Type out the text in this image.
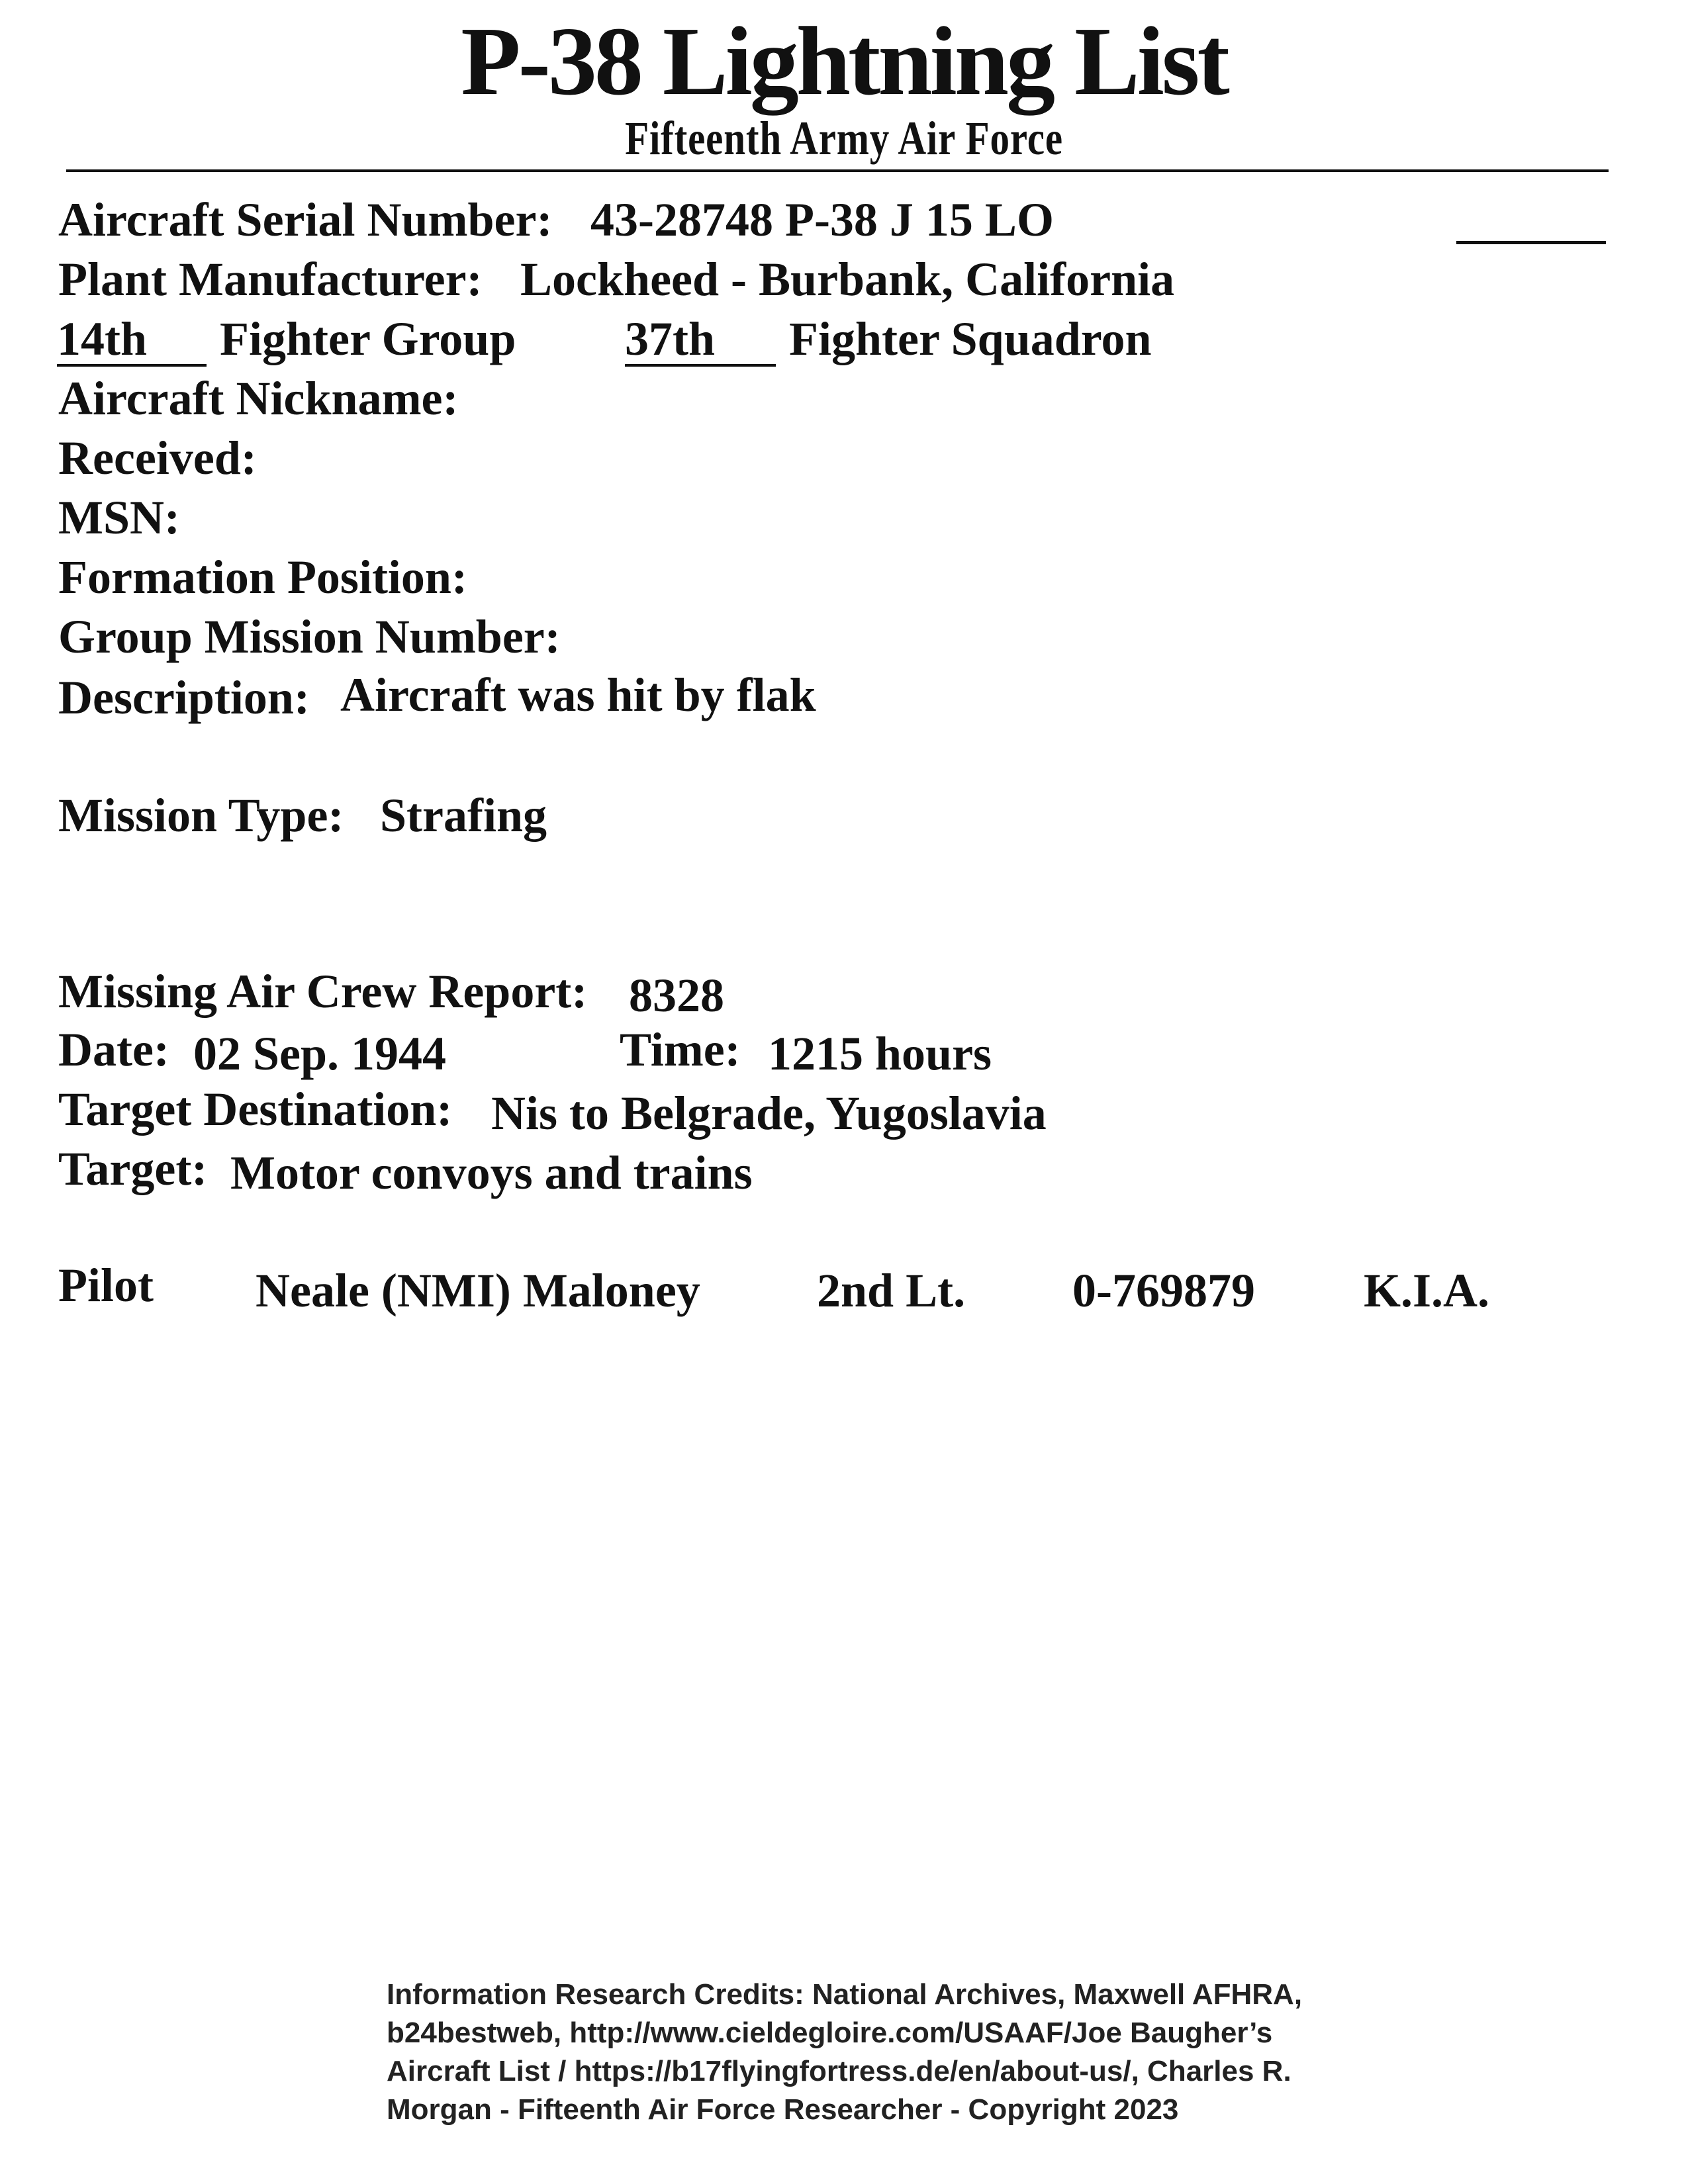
P-38 Lightning List
Fifteenth Army Air Force
Aircraft Serial Number: 43-28748 P-38 J 15 LO
Plant Manufacturer: Lockheed - Burbank, California
14th	Fighter Group 37th	Fighter Squadron
Aircraft Nickname:
Received:
MSN:
Formation Position:
Group Mission Number:
Description: Aircraft was hit by flak
Mission Type: Strafing
Missing Air Crew Report: 8328
Date: 02 Sep. 1944	Time: 1215 hours
Target Destination: Nis to Belgrade, Yugoslavia
Target: Motor convoys and trains
Pilot Neale (NMI) Maloney 2nd Lt. 0-769879 K.I.A.
Information Research Credits: National Archives, Maxwell AFHRA,
b24bestweb, http://www.cieldegloire.com/USAAF/Joe Baugher’s
Aircraft List / https://b17flyingfortress.de/en/about-us/, Charles R.
Morgan - Fifteenth Air Force Researcher - Copyright 2023
